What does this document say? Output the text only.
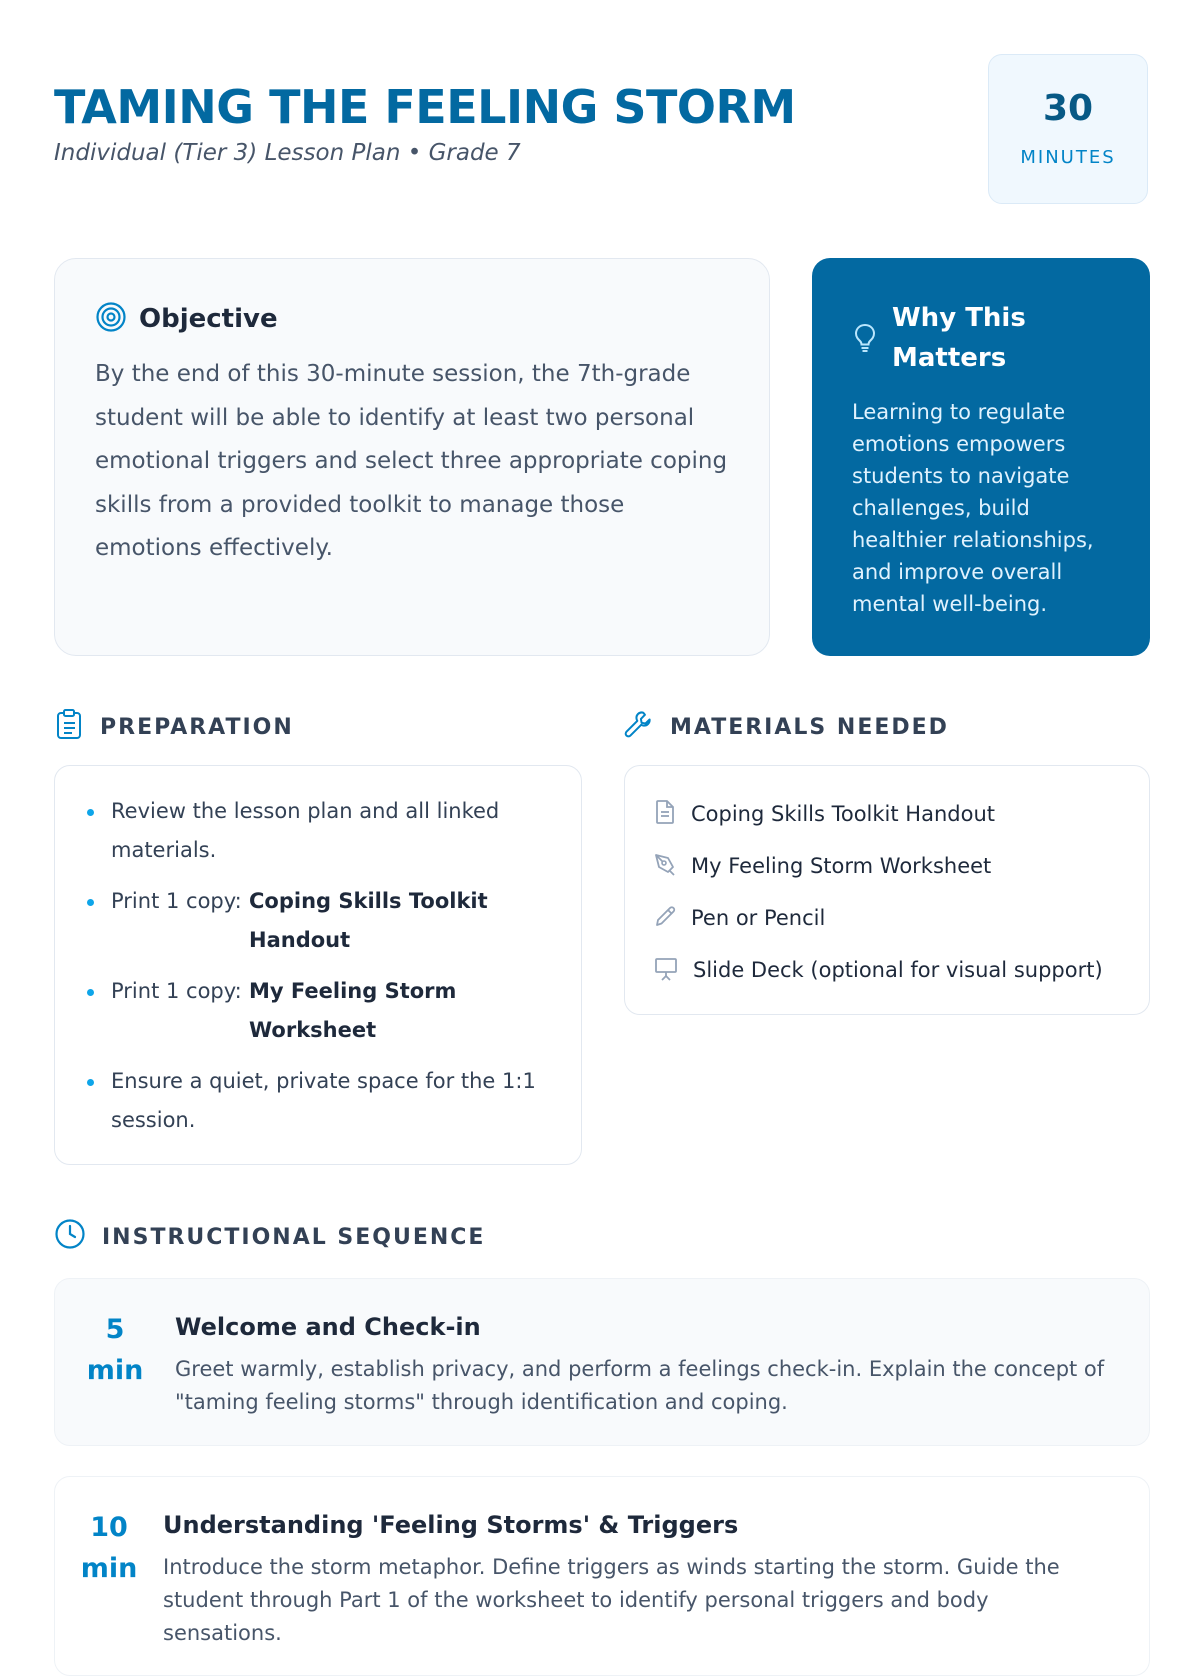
TAMING THE FEELING STORM
Individual (Tier 3) Lesson Plan • Grade 7
30
MINUTES
Objective

By the end of this 30-minute session, the 7th-grade student will be able to identify at least two personal emotional triggers and select three appropriate coping skills from a provided toolkit to manage those emotions effectively.

Why This Matters

Learning to regulate emotions empowers students to navigate challenges, build healthier relationships, and improve overall mental well-being.

PREPARATION
Review the lesson plan and all linked materials.
Print 1 copy: Coping Skills Toolkit Handout
Print 1 copy: My Feeling Storm Worksheet
Ensure a quiet, private space for the 1:1 session.
MATERIALS NEEDED
Coping Skills Toolkit Handout
My Feeling Storm Worksheet
Pen or Pencil
Slide Deck (optional for visual support)
INSTRUCTIONAL SEQUENCE
5
min
Welcome and Check-in

Greet warmly, establish privacy, and perform a feelings check-in. Explain the concept of "taming feeling storms" through identification and coping.

10
min
Understanding 'Feeling Storms' & Triggers

Introduce the storm metaphor. Define triggers as winds starting the storm. Guide the student through Part 1 of the worksheet to identify personal triggers and body sensations.
